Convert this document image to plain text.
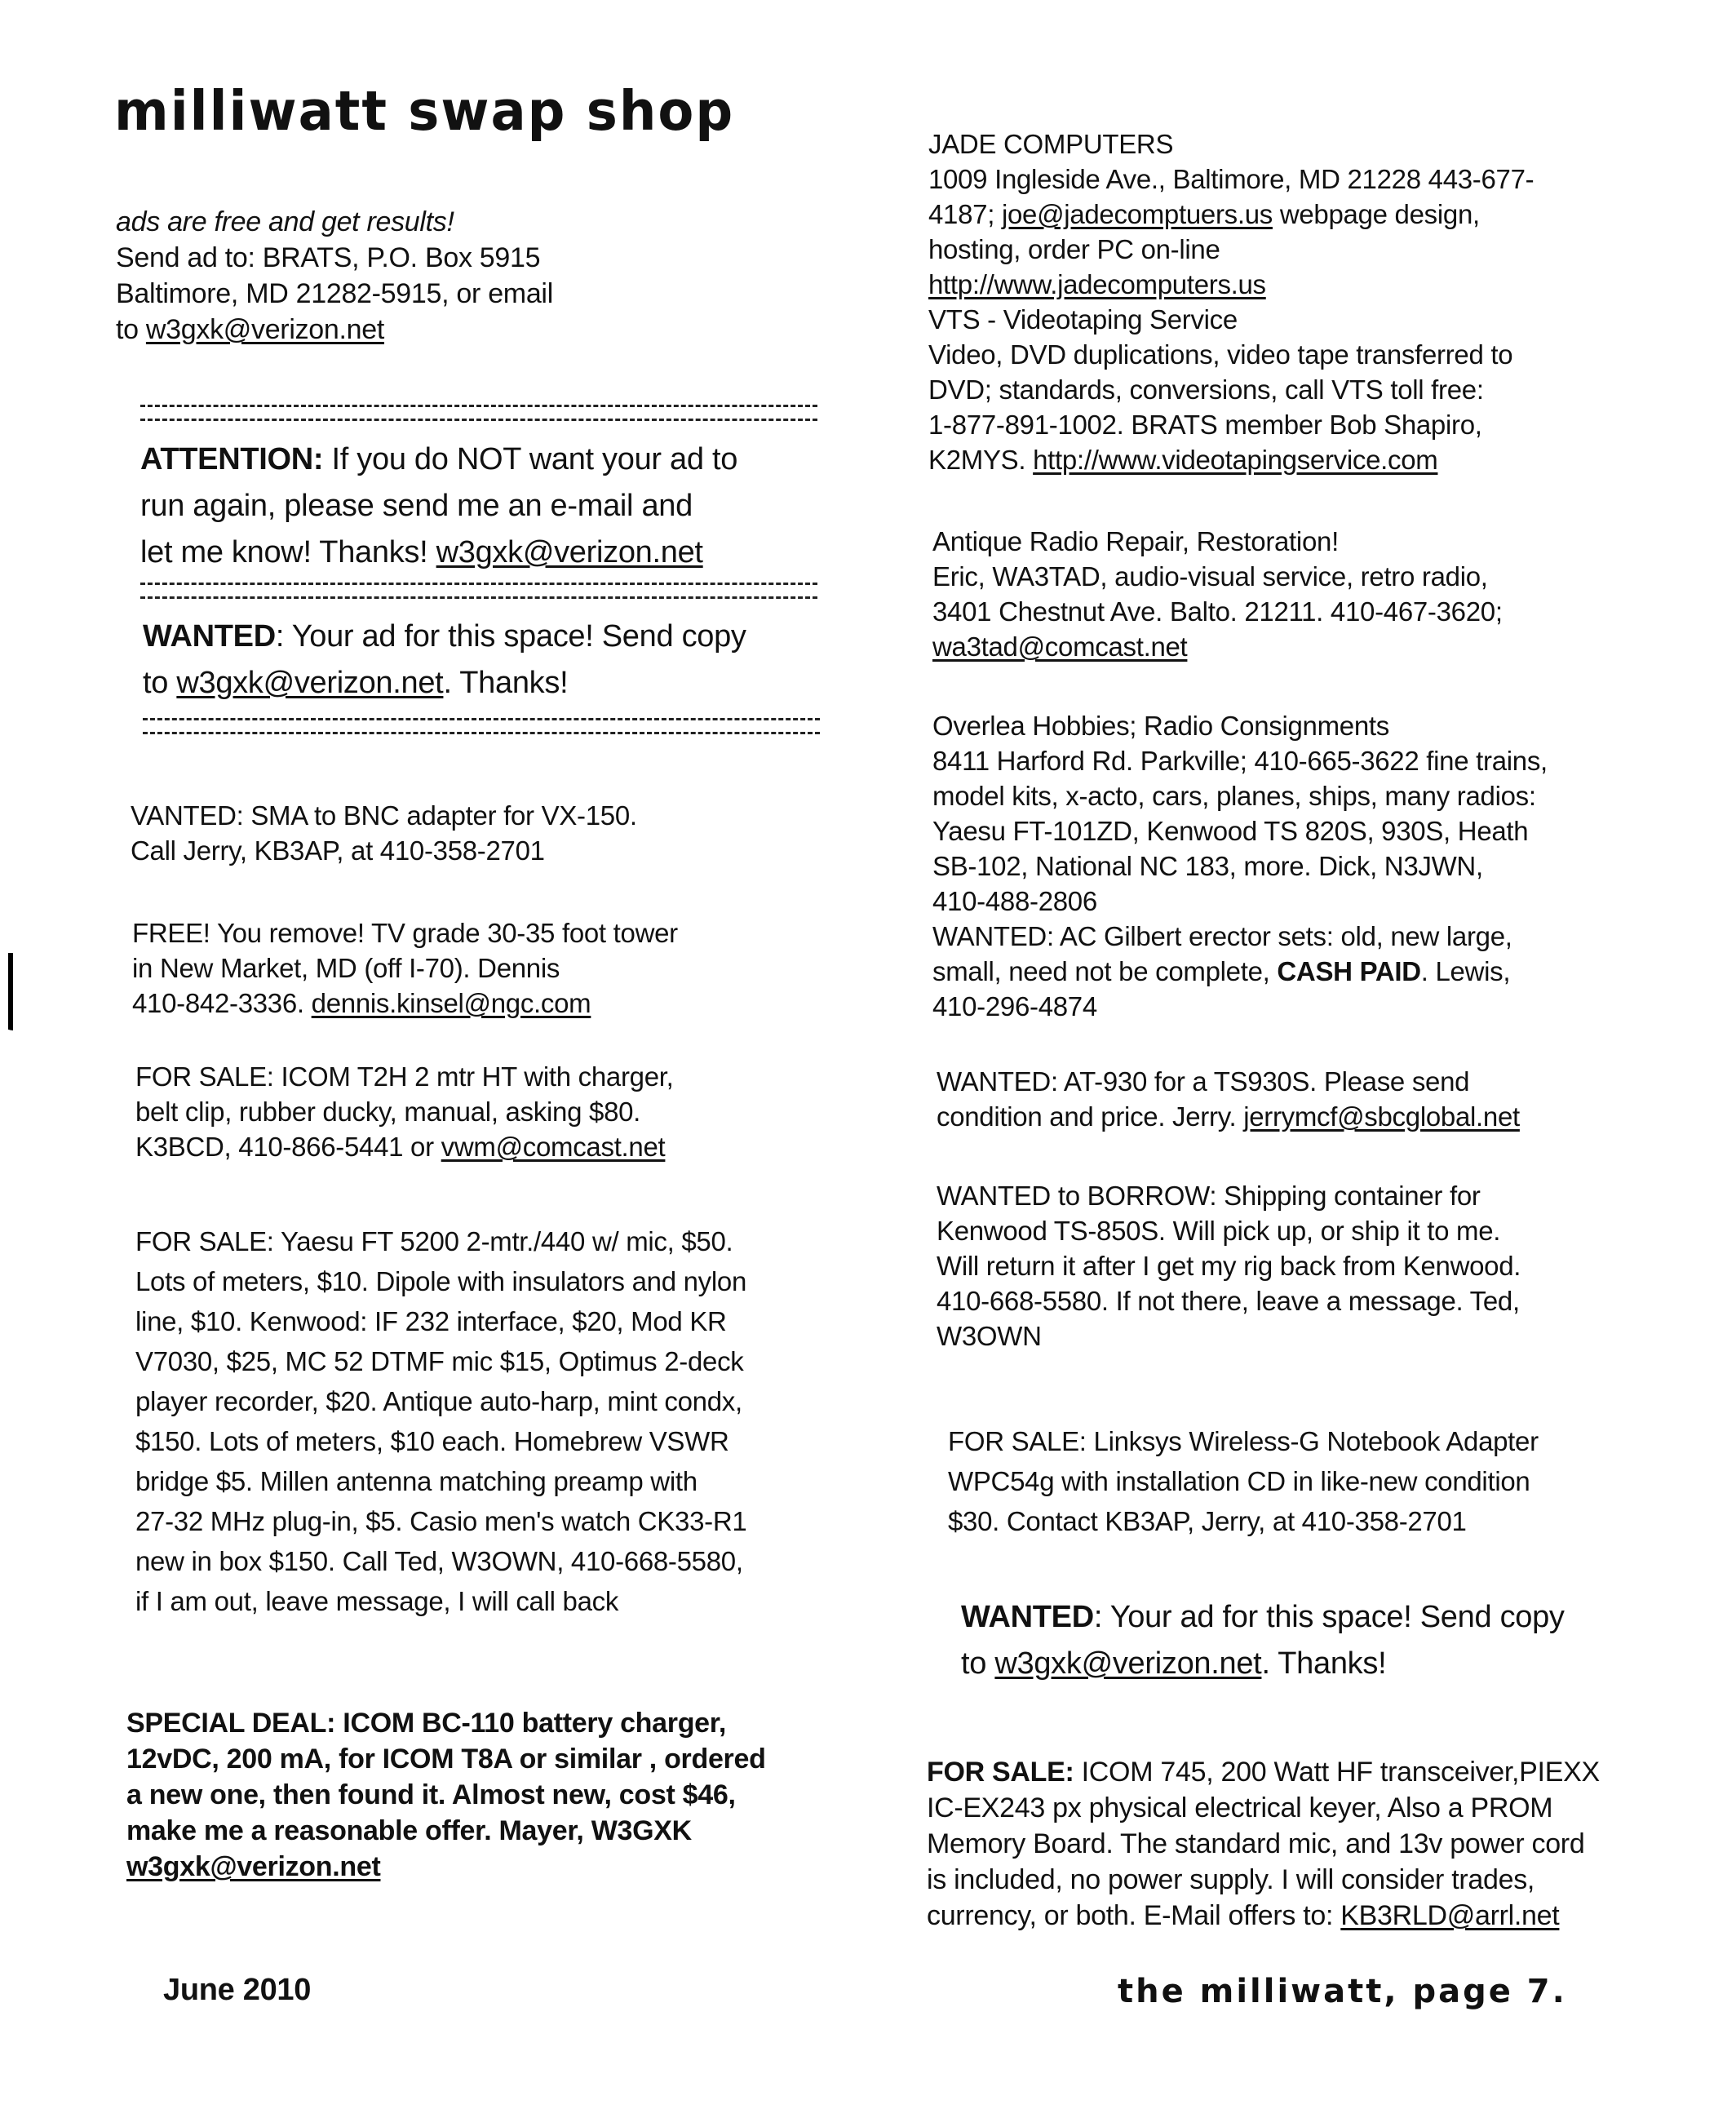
milliwatt swap shop
ads are free and get results!
Send ad to: BRATS, P.O. Box 5915
Baltimore, MD 21282-5915, or email
to w3gxk@verizon.net
ATTENTION: If you do NOT want your ad to
run again, please send me an e-mail and
let me know! Thanks! w3gxk@verizon.net
WANTED: Your ad for this space! Send copy
to w3gxk@verizon.net. Thanks!
VANTED: SMA to BNC adapter for VX-150.
Call Jerry, KB3AP, at 410-358-2701
FREE! You remove! TV grade 30-35 foot tower
in New Market, MD (off I-70). Dennis
410-842-3336. dennis.kinsel@ngc.com
FOR SALE: ICOM T2H 2 mtr HT with charger,
belt clip, rubber ducky, manual, asking $80.
K3BCD, 410-866-5441 or vwm@comcast.net
FOR SALE: Yaesu FT 5200 2-mtr./440 w/ mic, $50.
Lots of meters, $10. Dipole with insulators and nylon
line, $10. Kenwood: IF 232 interface, $20, Mod KR
V7030, $25, MC 52 DTMF mic $15, Optimus 2-deck
player recorder, $20. Antique auto-harp, mint condx,
$150. Lots of meters, $10 each. Homebrew VSWR
bridge $5. Millen antenna matching preamp with
27-32 MHz plug-in, $5. Casio men's watch CK33-R1
new in box $150. Call Ted, W3OWN, 410-668-5580,
if I am out, leave message, I will call back
SPECIAL DEAL: ICOM BC-110 battery charger,
12vDC, 200 mA, for ICOM T8A or similar , ordered
a new one, then found it. Almost new, cost $46,
make me a reasonable offer. Mayer, W3GXK
w3gxk@verizon.net
JADE COMPUTERS
1009 Ingleside Ave., Baltimore, MD 21228 443-677-
4187; joe@jadecomptuers.us webpage design,
hosting, order PC on-line
http://www.jadecomputers.us
VTS - Videotaping Service
Video, DVD duplications, video tape transferred to
DVD; standards, conversions, call VTS toll free:
1-877-891-1002. BRATS member Bob Shapiro,
K2MYS. http://www.videotapingservice.com
Antique Radio Repair, Restoration!
Eric, WA3TAD, audio-visual service, retro radio,
3401 Chestnut Ave. Balto. 21211. 410-467-3620;
wa3tad@comcast.net
Overlea Hobbies; Radio Consignments
8411 Harford Rd. Parkville; 410-665-3622 fine trains,
model kits, x-acto, cars, planes, ships, many radios:
Yaesu FT-101ZD, Kenwood TS 820S, 930S, Heath
SB-102, National NC 183, more. Dick, N3JWN,
410-488-2806
WANTED: AC Gilbert erector sets: old, new large,
small, need not be complete, CASH PAID. Lewis,
410-296-4874
WANTED: AT-930 for a TS930S. Please send
condition and price. Jerry. jerrymcf@sbcglobal.net
WANTED to BORROW: Shipping container for
Kenwood TS-850S. Will pick up, or ship it to me.
Will return it after I get my rig back from Kenwood.
410-668-5580. If not there, leave a message. Ted,
W3OWN
FOR SALE: Linksys Wireless-G Notebook Adapter
WPC54g with installation CD in like-new condition
$30. Contact KB3AP, Jerry, at 410-358-2701
WANTED: Your ad for this space! Send copy
to w3gxk@verizon.net. Thanks!
FOR SALE: ICOM 745, 200 Watt HF transceiver,PIEXX
IC-EX243 px physical electrical keyer, Also a PROM
Memory Board. The standard mic, and 13v power cord
is included, no power supply. I will consider trades,
currency, or both. E-Mail offers to: KB3RLD@arrl.net
June 2010	the milliwatt, page 7.
